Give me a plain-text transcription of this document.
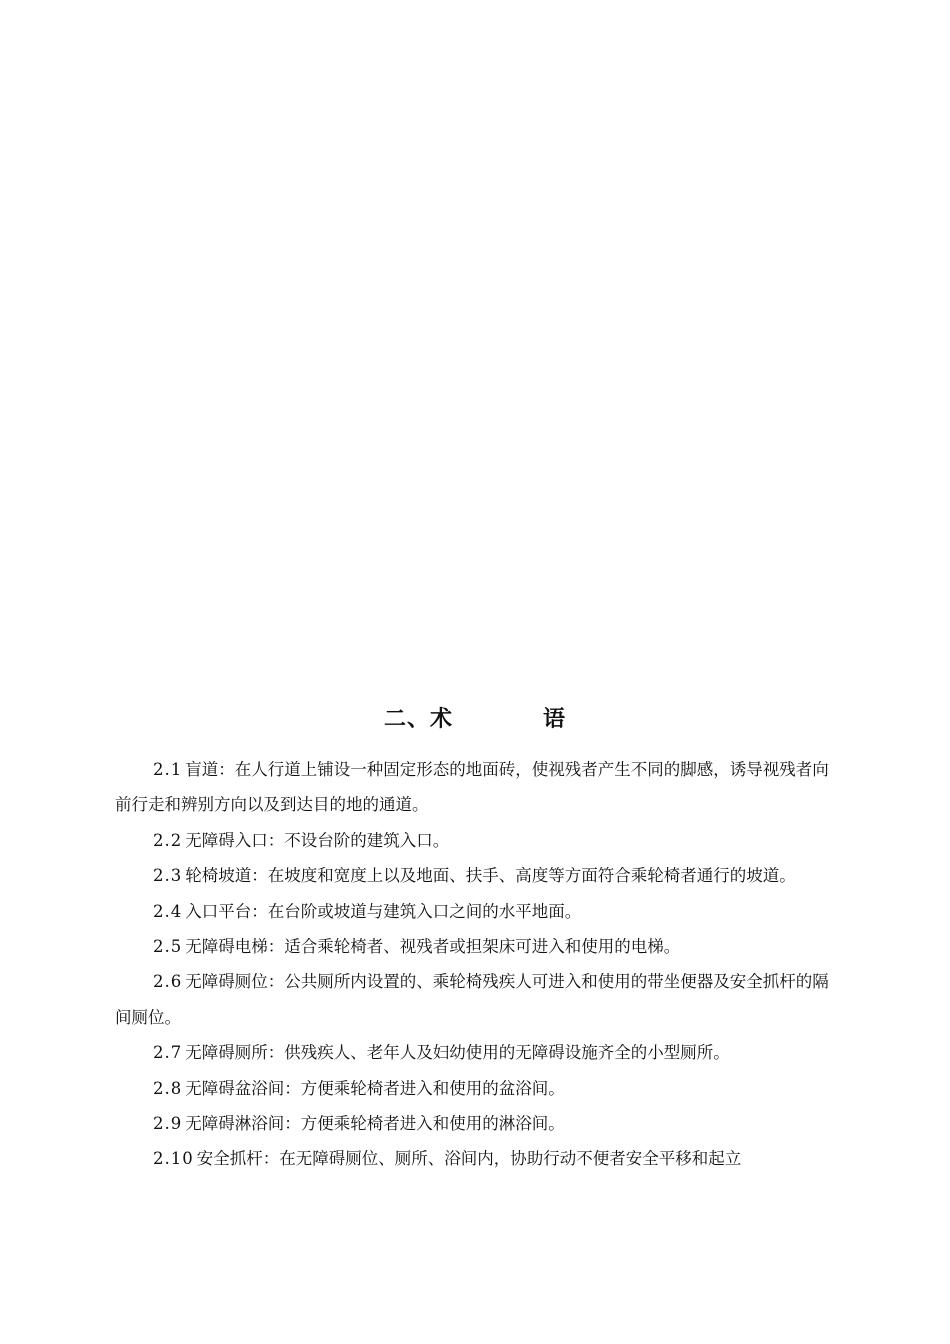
二、术	语

2.1 盲道：在人行道上铺设一种固定形态的地面砖，使视残者产生不同的脚感，诱导视残者向前行走和辨别方向以及到达目的地的通道。

2.2 无障碍入口：不设台阶的建筑入口。

2.3 轮椅坡道：在坡度和宽度上以及地面、扶手、高度等方面符合乘轮椅者通行的坡道。

2.4 入口平台：在台阶或坡道与建筑入口之间的水平地面。

2.5 无障碍电梯：适合乘轮椅者、视残者或担架床可进入和使用的电梯。

2.6 无障碍厕位：公共厕所内设置的、乘轮椅残疾人可进入和使用的带坐便器及安全抓杆的隔间厕位。

2.7 无障碍厕所：供残疾人、老年人及妇幼使用的无障碍设施齐全的小型厕所。

2.8 无障碍盆浴间：方便乘轮椅者进入和使用的盆浴间。

2.9 无障碍淋浴间：方便乘轮椅者进入和使用的淋浴间。

2.10 安全抓杆：在无障碍厕位、厕所、浴间内，协助行动不便者安全平移和起立
